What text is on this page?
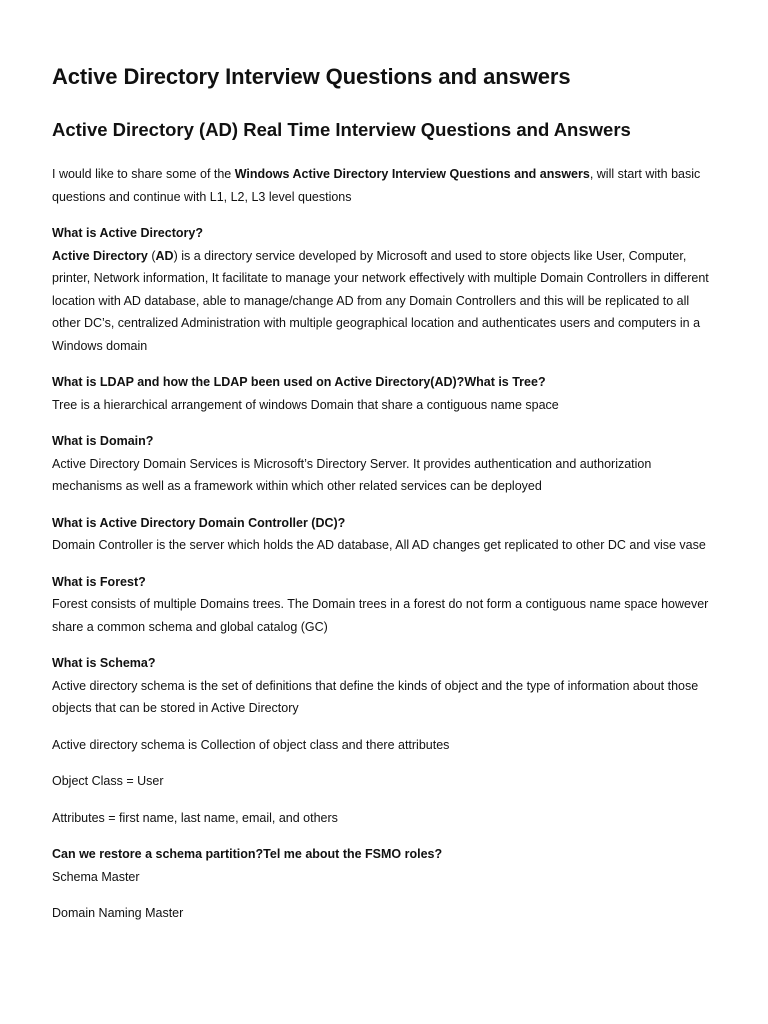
Active Directory Interview Questions and answers
Active Directory (AD) Real Time Interview Questions and Answers
I would like to share some of the Windows Active Directory Interview Questions and answers, will start with basic questions and continue with L1, L2, L3 level questions
What is Active Directory?
Active Directory (AD) is a directory service developed by Microsoft and used to store objects like User, Computer, printer, Network information, It facilitate to manage your network effectively with multiple Domain Controllers in different location with AD database, able to manage/change AD from any Domain Controllers and this will be replicated to all other DC’s, centralized Administration with multiple geographical location and authenticates users and computers in a Windows domain
What is LDAP and how the LDAP been used on Active Directory(AD)?What is Tree?
Tree is a hierarchical arrangement of windows Domain that share a contiguous name space
What is Domain?
Active Directory Domain Services is Microsoft’s Directory Server. It provides authentication and authorization mechanisms as well as a framework within which other related services can be deployed
What is Active Directory Domain Controller (DC)?
Domain Controller is the server which holds the AD database, All AD changes get replicated to other DC and vise vase
What is Forest?
Forest consists of multiple Domains trees. The Domain trees in a forest do not form a contiguous name space however share a common schema and global catalog (GC)
What is Schema?
Active directory schema is the set of definitions that define the kinds of object and the type of information about those objects that can be stored in Active Directory
Active directory schema is Collection of object class and there attributes
Object Class = User
Attributes = first name, last name, email, and others
Can we restore a schema partition?Tel me about the FSMO roles?
Schema Master
Domain Naming Master
